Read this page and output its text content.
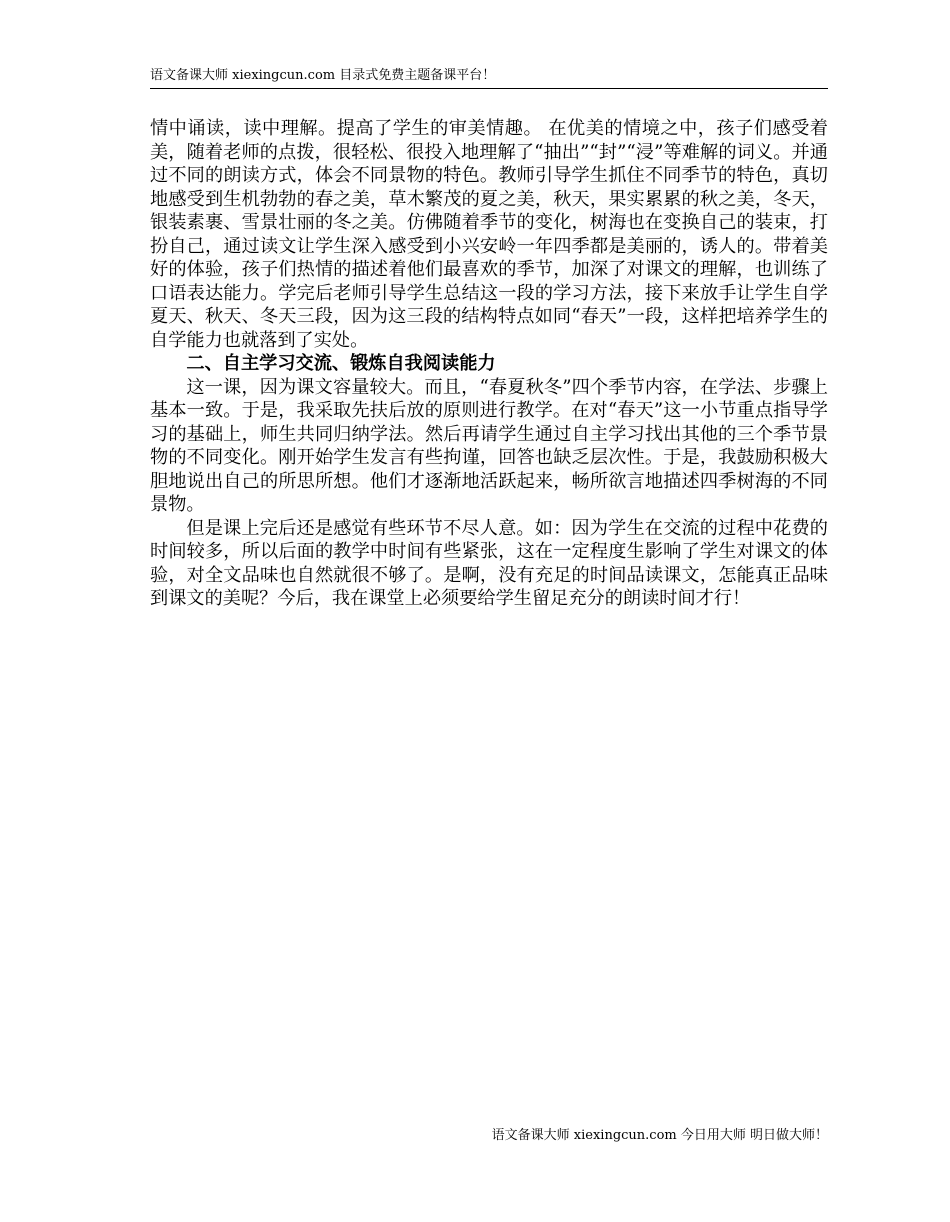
语文备课大师 xiexingcun.com 目录式免费主题备课平台！

情中诵读，读中理解。提高了学生的审美情趣。 在优美的情境之中，孩子们感受着美，随着老师的点拨，很轻松、很投入地理解了“抽出”“封”“浸”等难解的词义。并通过不同的朗读方式，体会不同景物的特色。教师引导学生抓住不同季节的特色，真切地感受到生机勃勃的春之美，草木繁茂的夏之美，秋天，果实累累的秋之美，冬天，银装素裹、雪景壮丽的冬之美。仿佛随着季节的变化，树海也在变换自己的装束，打扮自己，通过读文让学生深入感受到小兴安岭一年四季都是美丽的，诱人的。带着美好的体验，孩子们热情的描述着他们最喜欢的季节，加深了对课文的理解，也训练了口语表达能力。学完后老师引导学生总结这一段的学习方法，接下来放手让学生自学夏天、秋天、冬天三段，因为这三段的结构特点如同“春天”一段，这样把培养学生的自学能力也就落到了实处。

二、自主学习交流、锻炼自我阅读能力

这一课，因为课文容量较大。而且，“春夏秋冬”四个季节内容，在学法、步骤上基本一致。于是，我采取先扶后放的原则进行教学。在对“春天”这一小节重点指导学习的基础上，师生共同归纳学法。然后再请学生通过自主学习找出其他的三个季节景物的不同变化。刚开始学生发言有些拘谨，回答也缺乏层次性。于是，我鼓励积极大胆地说出自己的所思所想。他们才逐渐地活跃起来，畅所欲言地描述四季树海的不同景物。

但是课上完后还是感觉有些环节不尽人意。如：因为学生在交流的过程中花费的时间较多，所以后面的教学中时间有些紧张，这在一定程度生影响了学生对课文的体验，对全文品味也自然就很不够了。是啊，没有充足的时间品读课文，怎能真正品味到课文的美呢？今后，我在课堂上必须要给学生留足充分的朗读时间才行！

语文备课大师 xiexingcun.com 今日用大师 明日做大师！
